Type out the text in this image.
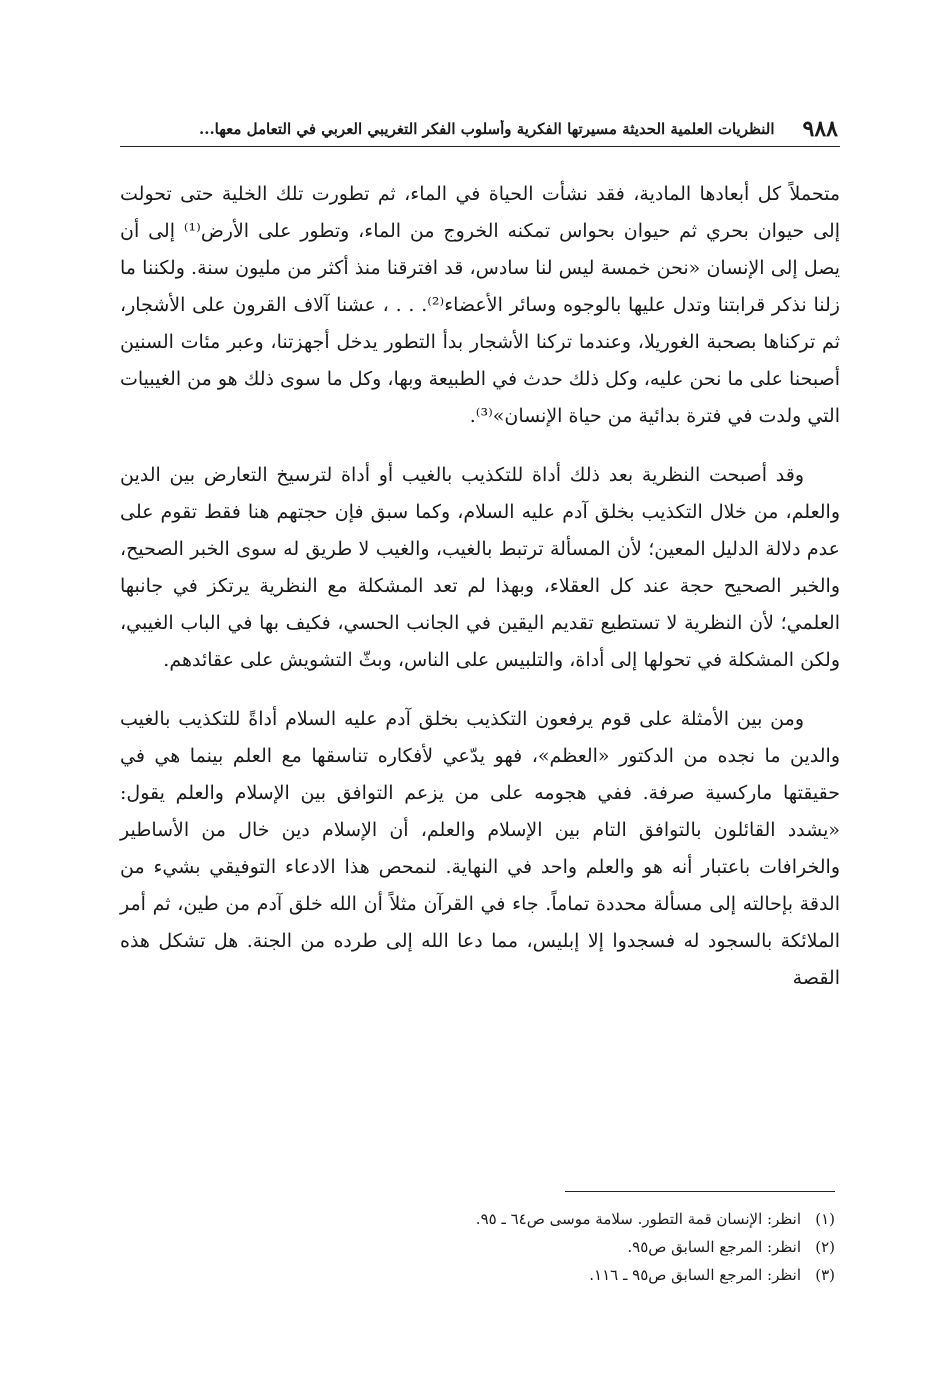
٩٨٨
النظريات العلمية الحديثة مسيرتها الفكرية وأسلوب الفكر التغريبي العربي في التعامل معها...

متحملاً كل أبعادها المادية، فقد نشأت الحياة في الماء، ثم تطورت تلك الخلية حتى تحولت إلى حيوان بحري ثم حيوان بحواس تمكنه الخروج من الماء، وتطور على الأرض⁽¹⁾ إلى أن يصل إلى الإنسان «نحن خمسة ليس لنا سادس، قد افترقنا منذ أكثر من مليون سنة. ولكننا ما زلنا نذكر قرابتنا وتدل عليها بالوجوه وسائر الأعضاء⁽²⁾. . . ، عشنا آلاف القرون على الأشجار، ثم تركناها بصحبة الغوريلا، وعندما تركنا الأشجار بدأ التطور يدخل أجهزتنا، وعبر مئات السنين أصبحنا على ما نحن عليه، وكل ذلك حدث في الطبيعة وبها، وكل ما سوى ذلك هو من الغيبيات التي ولدت في فترة بدائية من حياة الإنسان»⁽³⁾.

وقد أصبحت النظرية بعد ذلك أداة للتكذيب بالغيب أو أداة لترسيخ التعارض بين الدين والعلم، من خلال التكذيب بخلق آدم عليه السلام، وكما سبق فإن حجتهم هنا فقط تقوم على عدم دلالة الدليل المعين؛ لأن المسألة ترتبط بالغيب، والغيب لا طريق له سوى الخبر الصحيح، والخبر الصحيح حجة عند كل العقلاء، وبهذا لم تعد المشكلة مع النظرية يرتكز في جانبها العلمي؛ لأن النظرية لا تستطيع تقديم اليقين في الجانب الحسي، فكيف بها في الباب الغيبي، ولكن المشكلة في تحولها إلى أداة، والتلبيس على الناس، وبثّ التشويش على عقائدهم.

ومن بين الأمثلة على قوم يرفعون التكذيب بخلق آدم عليه السلام أداةً للتكذيب بالغيب والدين ما نجده من الدكتور «العظم»، فهو يدّعي لأفكاره تناسقها مع العلم بينما هي في حقيقتها ماركسية صرفة. ففي هجومه على من يزعم التوافق بين الإسلام والعلم يقول: «يشدد القائلون بالتوافق التام بين الإسلام والعلم، أن الإسلام دين خال من الأساطير والخرافات باعتبار أنه هو والعلم واحد في النهاية. لنمحص هذا الادعاء التوفيقي بشيء من الدقة بإحالته إلى مسألة محددة تماماً. جاء في القرآن مثلاً أن الله خلق آدم من طين، ثم أمر الملائكة بالسجود له فسجدوا إلا إبليس، مما دعا الله إلى طرده من الجنة. هل تشكل هذه القصة

(١)
انظر: الإنسان قمة التطور. سلامة موسى ص٦٤ ـ ٩٥.
(٢)
انظر: المرجع السابق ص٩٥.
(٣)
انظر: المرجع السابق ص٩٥ ـ ١١٦.
